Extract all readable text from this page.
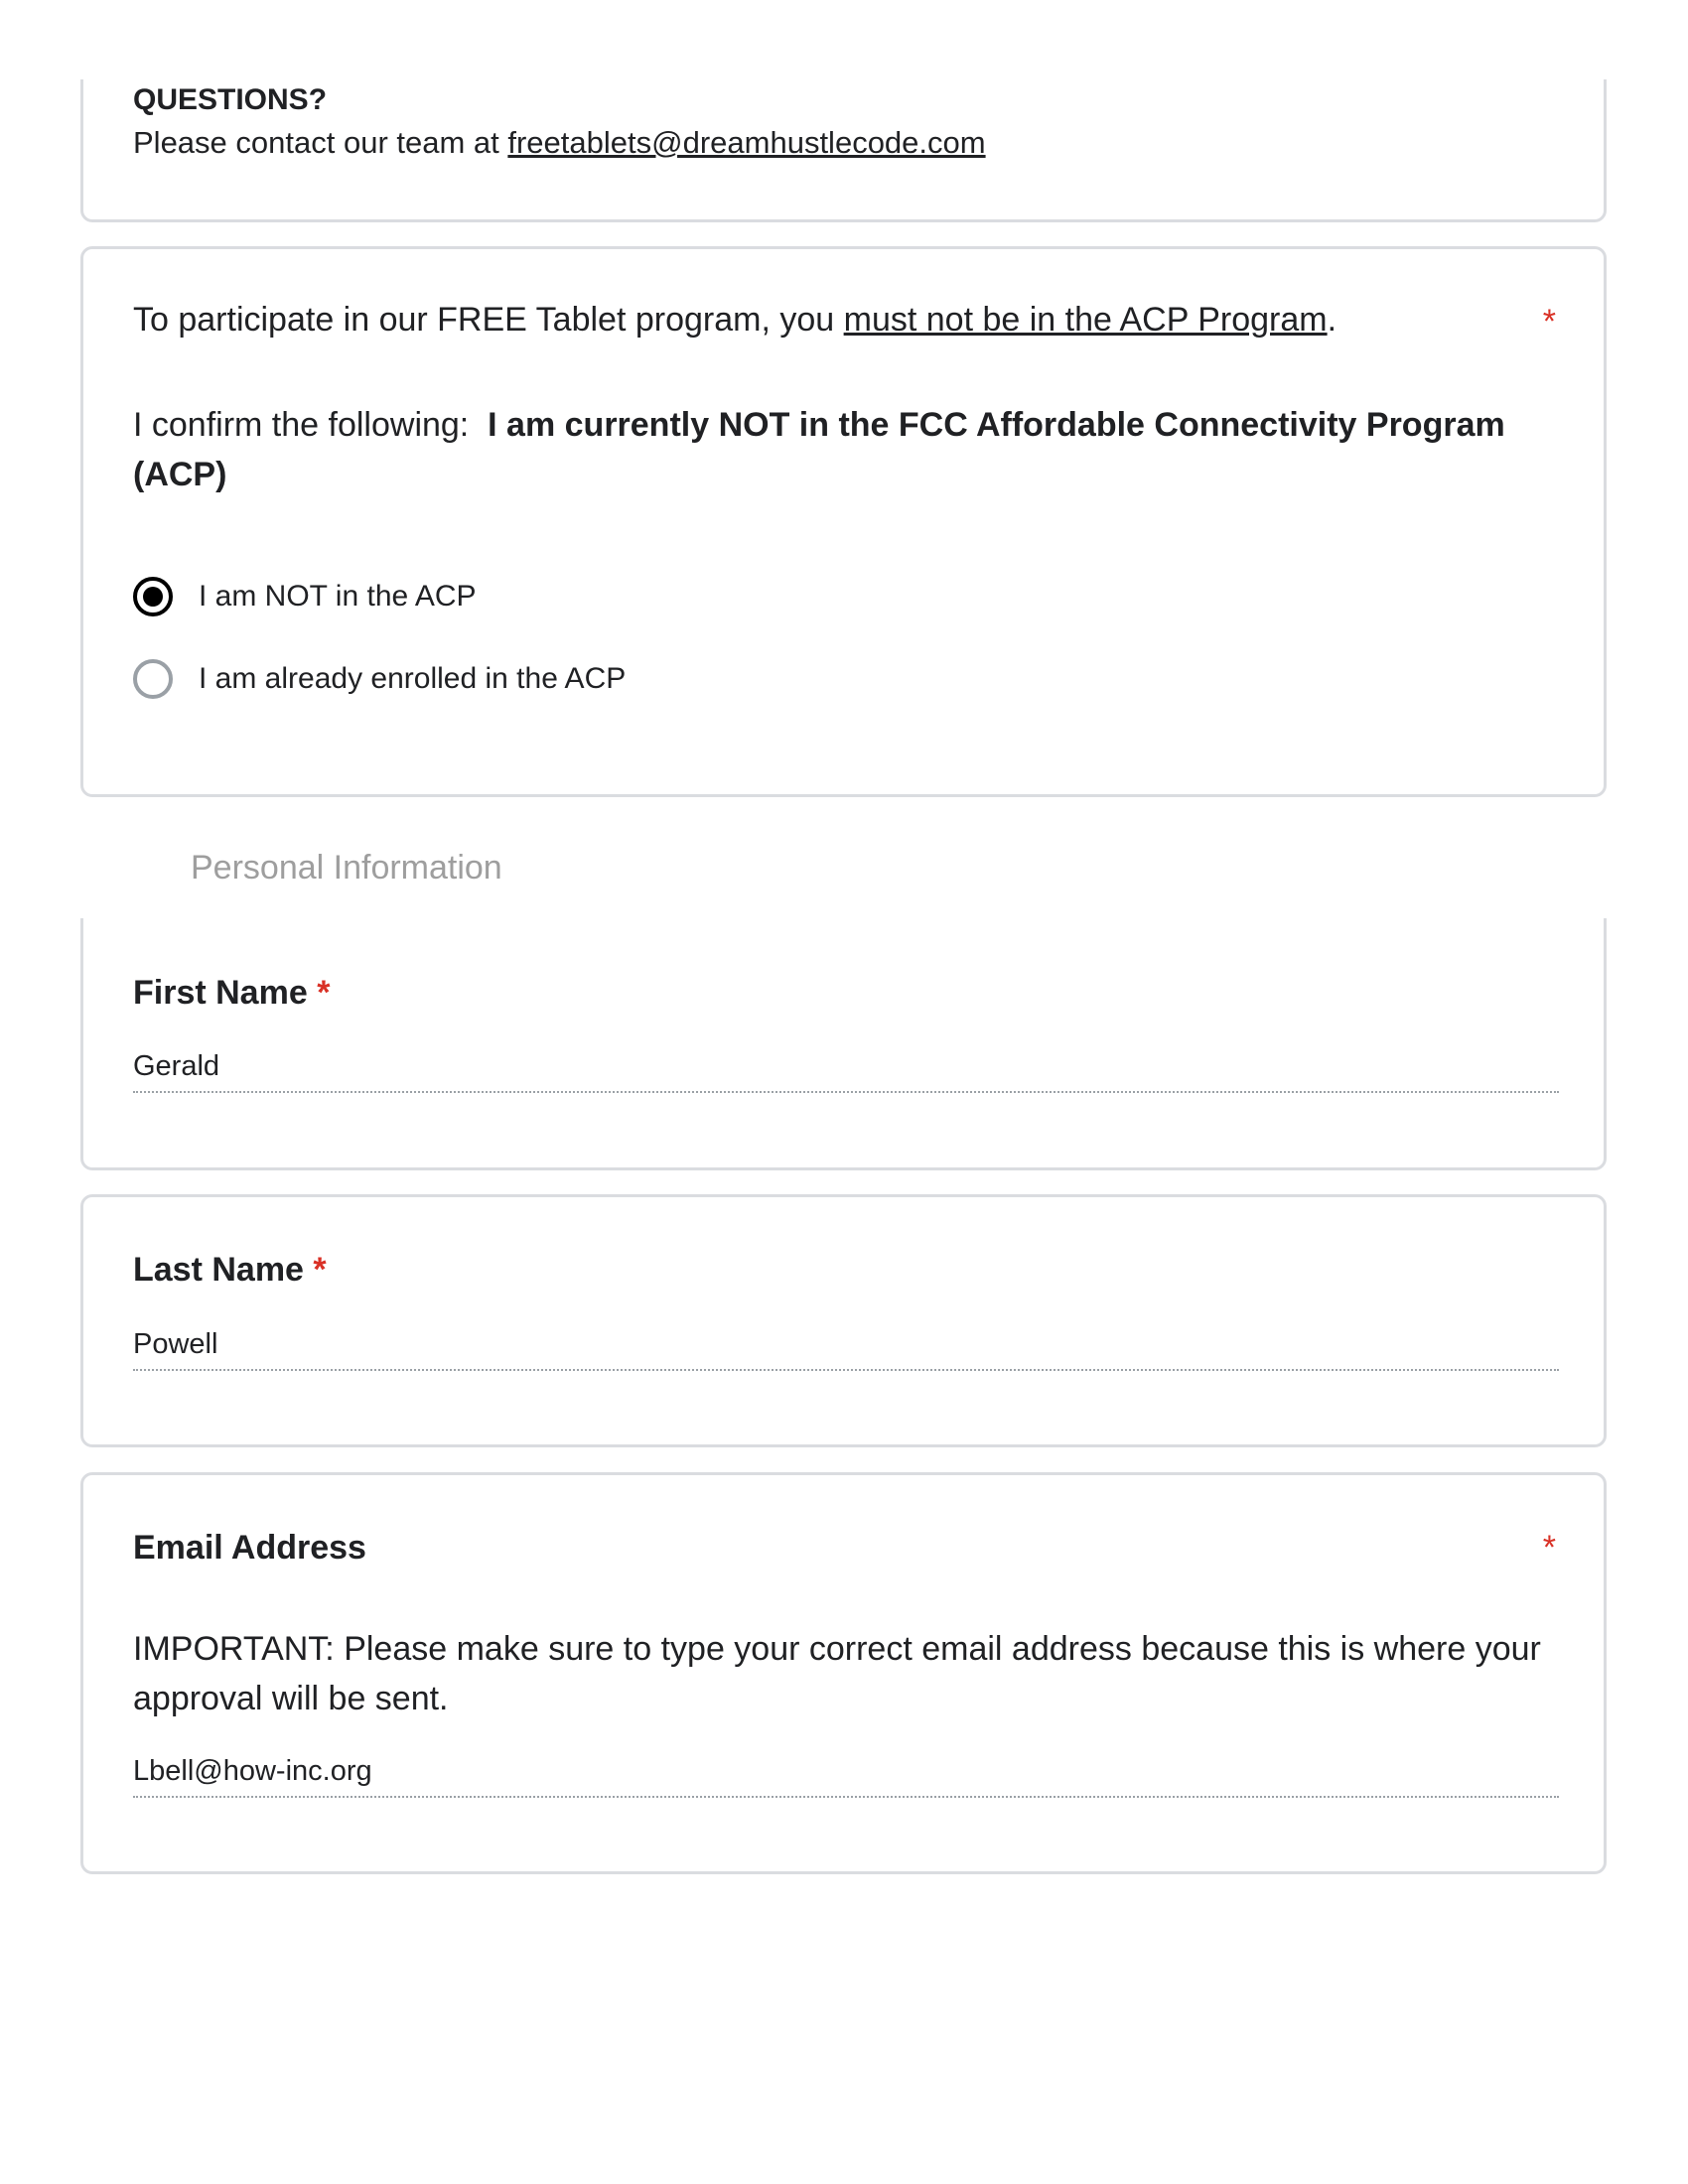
QUESTIONS?
Please contact our team at freetablets@dreamhustlecode.com
To participate in our FREE Tablet program, you must not be in the ACP Program.	*
I confirm the following:  I am currently NOT in the FCC Affordable Connectivity Program (ACP)
I am NOT in the ACP
I am already enrolled in the ACP
Personal Information
First Name *
Gerald
Last Name *
Powell
Email Address	*
IMPORTANT: Please make sure to type your correct email address because this is where your approval will be sent.
Lbell@how-inc.org
